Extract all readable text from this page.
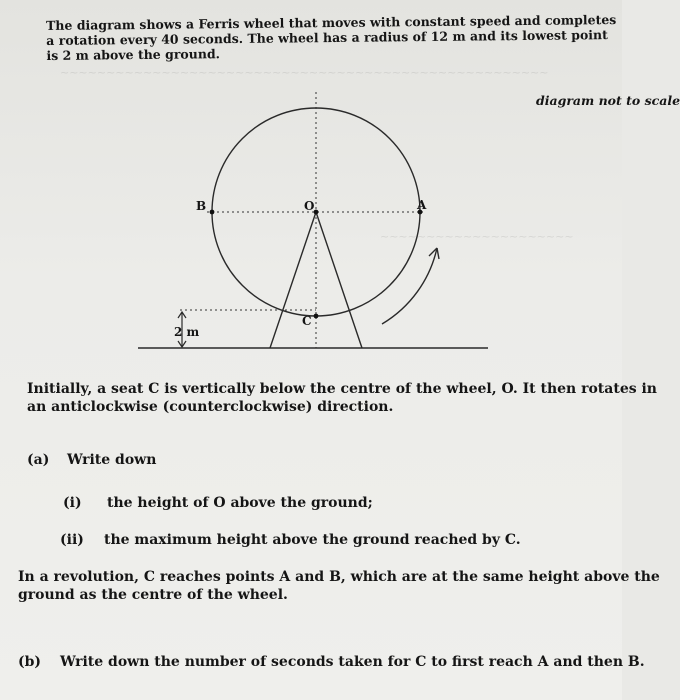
~~~~~~~~~~~~~~~~~~~~~~~~~~~~~~~~~~~~~~~~~~~~~~~~~~~~~
~~~~~~~~~~~~~~~~~~~~~
The diagram shows a Ferris wheel that moves with constant speed and completes
a rotation every 40 seconds. The wheel has a radius of 12 m and its lowest point
is 2 m above the ground.
diagram not to scale
O	A
B
C
2 m
Initially, a seat C is vertically below the centre of the wheel, O. It then rotates in
an anticlockwise (counterclockwise) direction.
(a) Write down
(i) the height of O above the ground;
(ii) the maximum height above the ground reached by C.
In a revolution, C reaches points A and B, which are at the same height above the
ground as the centre of the wheel.
(b) Write down the number of seconds taken for C to first reach A and then B.
